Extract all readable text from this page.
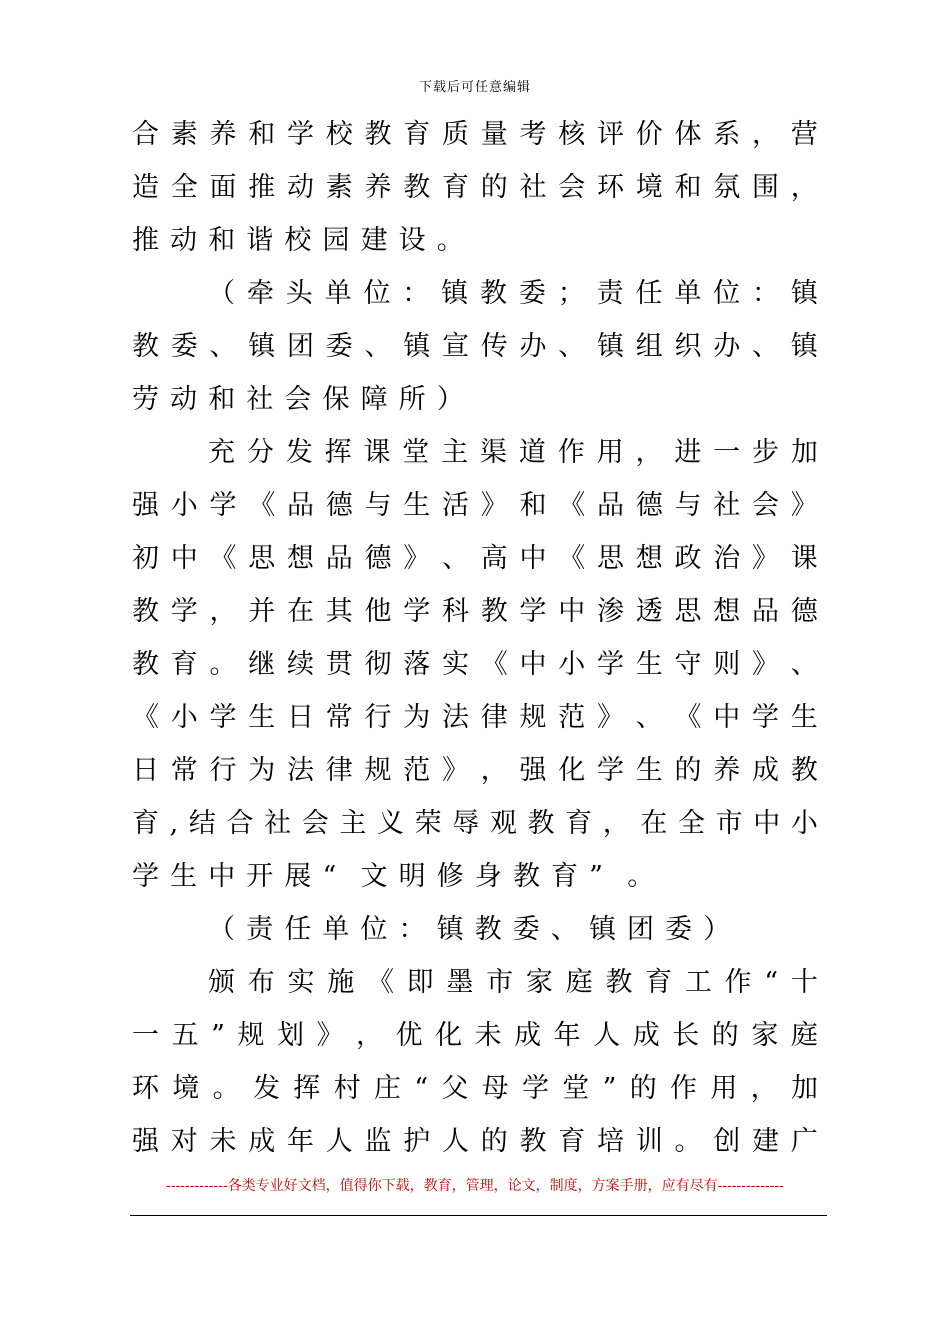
下载后可任意编辑
合 素 养 和 学 校 教 育 质 量 考 核 评 价 体 系 ， 营
造 全 面 推 动 素 养 教 育 的 社 会 环 境 和 氛 围 ，
推 动 和 谐 校 园 建 设 。
（ 牵 头 单 位 ： 镇 教 委 ； 责 任 单 位 ： 镇
教 委 、 镇 团 委 、 镇 宣 传 办 、 镇 组 织 办 、 镇
劳 动 和 社 会 保 障 所 ）
充 分 发 挥 课 堂 主 渠 道 作 用 ， 进 一 步 加
强 小 学 《 品 德 与 生 活 》 和 《 品 德 与 社 会 》
初 中 《 思 想 品 德 》 、 高 中 《 思 想 政 治 》 课
教 学 ， 并 在 其 他 学 科 教 学 中 渗 透 思 想 品 德
教 育 。 继 续 贯 彻 落 实 《 中 小 学 生 守 则 》 、
《 小 学 生 日 常 行 为 法 律 规 范 》 、 《 中 学 生
日 常 行 为 法 律 规 范 》 ， 强 化 学 生 的 养 成 教
育 , 结 合 社 会 主 义 荣 辱 观 教 育 ， 在 全 市 中 小
学 生 中 开 展 “ 文 明 修 身 教 育 ” 。
（ 责 任 单 位 ： 镇 教 委 、 镇 团 委 ）
颁 布 实 施 《 即 墨 市 家 庭 教 育 工 作 “ 十
一 五 ” 规 划 》 ， 优 化 未 成 年 人 成 长 的 家 庭
环 境 。 发 挥 村 庄 “ 父 母 学 堂 ” 的 作 用 ， 加
强 对 未 成 年 人 监 护 人 的 教 育 培 训 。 创 建 广
-------------各类专业好文档，值得你下载，教育，管理，论文，制度，方案手册，应有尽有--------------
